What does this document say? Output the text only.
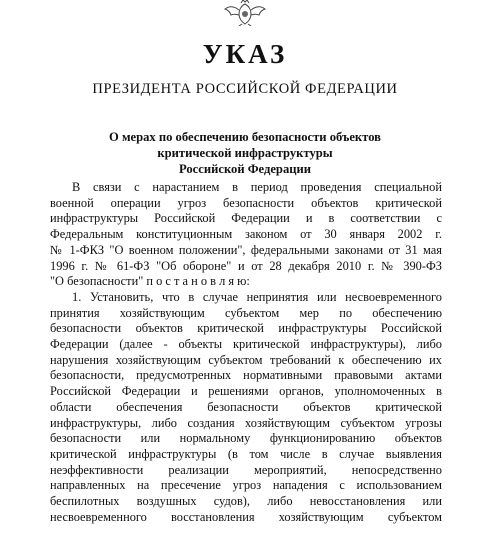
УКАЗ
ПРЕЗИДЕНТА РОССИЙСКОЙ ФЕДЕРАЦИИ
О мерах по обеспечению безопасности объектов
критической инфраструктуры
Российской Федерации
В связи с нарастанием в период проведения специальной
военной операции угроз безопасности объектов критической
инфраструктуры Российской Федерации и в соответствии с
Федеральным конституционным законом от 30 января 2002 г.
№ 1-ФКЗ "О военном положении", федеральными законами от 31 мая
1996 г. № 61-ФЗ "Об обороне" и от 28 декабря 2010 г. № 390-ФЗ
"О безопасности" п о с т а н о в л я ю:
1. Установить, что в случае непринятия или несвоевременного
принятия хозяйствующим субъектом мер по обеспечению
безопасности объектов критической инфраструктуры Российской
Федерации (далее - объекты критической инфраструктуры), либо
нарушения хозяйствующим субъектом требований к обеспечению их
безопасности, предусмотренных нормативными правовыми актами
Российской Федерации и решениями органов, уполномоченных в
области обеспечения безопасности объектов критической
инфраструктуры, либо создания хозяйствующим субъектом угрозы
безопасности или нормальному функционированию объектов
критической инфраструктуры (в том числе в случае выявления
неэффективности реализации мероприятий, непосредственно
направленных на пресечение угроз нападения с использованием
беспилотных воздушных судов), либо невосстановления или
несвоевременного восстановления хозяйствующим субъектом
